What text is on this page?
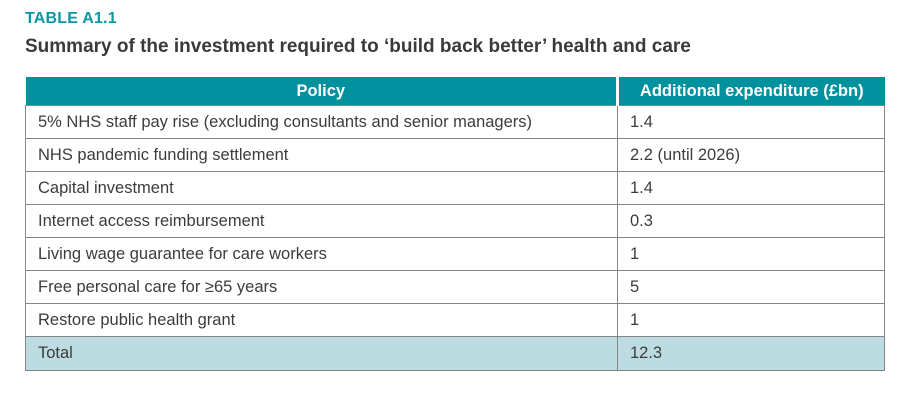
TABLE A1.1
Summary of the investment required to ‘build back better’ health and care
Policy	Additional expenditure (£bn)
5% NHS staff pay rise (excluding consultants and senior managers)	1.4
NHS pandemic funding settlement	2.2 (until 2026)
Capital investment	1.4
Internet access reimbursement	0.3
Living wage guarantee for care workers	1
Free personal care for ≥65 years	5
Restore public health grant	1
Total	12.3
